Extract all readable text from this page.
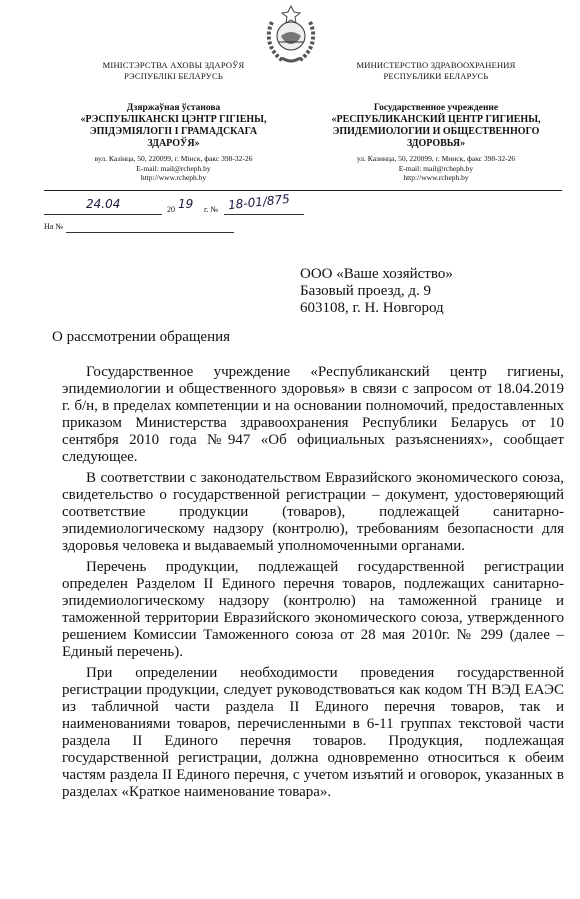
МІНІСТЭРСТВА АХОВЫ ЗДАРОЎЯ
РЭСПУБЛІКІ БЕЛАРУСЬ
Дзяржаўная ўстанова
«РЭСПУБЛІКАНСКІ ЦЭНТР ГІГІЕНЫ,
ЭПІДЭМІЯЛОГІІ І ГРАМАДСКАГА
ЗДАРОЎЯ»
вул. Казінца, 50, 220099, г. Мінск, факс 398-32-26
E-mail: mail@rcheph.by
http://www.rcheph.by
МИНИСТЕРСТВО ЗДРАВООХРАНЕНИЯ
РЕСПУБЛИКИ БЕЛАРУСЬ
Государственное учреждение
«РЕСПУБЛИКАНСКИЙ ЦЕНТР ГИГИЕНЫ,
ЭПИДЕМИОЛОГИИ И ОБЩЕСТВЕННОГО
ЗДОРОВЬЯ»
ул. Казинца, 50, 220099, г. Минск, факс 398-32-26
E-mail: mail@rcheph.by
http://www.rcheph.by
24.04	20 19 г. № 18-01/875
На №
ООО «Ваше хозяйство»
Базовый проезд, д. 9
603108, г. Н. Новгород
О рассмотрении обращения

Государственное учреждение «Республиканский центр гигиены, эпидемиологии и общественного здоровья» в связи с запросом от 18.04.2019 г. б/н, в пределах компетенции и на основании полномочий, предоставленных приказом Министерства здравоохранения Республики Беларусь от 10 сентября 2010 года №947 «Об официальных разъяснениях», сообщает следующее.

В соответствии с законодательством Евразийского экономического союза, свидетельство о государственной регистрации – документ, удостоверяющий соответствие продукции (товаров), подлежащей санитарно-эпидемиологическому надзору (контролю), требованиям безопасности для здоровья человека и выдаваемый уполномоченными органами.

Перечень продукции, подлежащей государственной регистрации определен Разделом II Единого перечня товаров, подлежащих санитарно-эпидемиологическому надзору (контролю) на таможенной границе и таможенной территории Евразийского экономического союза, утвержденного решением Комиссии Таможенного союза от 28 мая 2010г. № 299 (далее – Единый перечень).

При определении необходимости проведения государственной регистрации продукции, следует руководствоваться как кодом ТН ВЭД ЕАЭС из табличной части раздела II Единого перечня товаров, так и наименованиями товаров, перечисленными в 6-11 группах текстовой части раздела II Единого перечня товаров. Продукция, подлежащая государственной регистрации, должна одновременно относиться к обеим частям раздела II Единого перечня, с учетом изъятий и оговорок, указанных в разделах «Краткое наименование товара».
